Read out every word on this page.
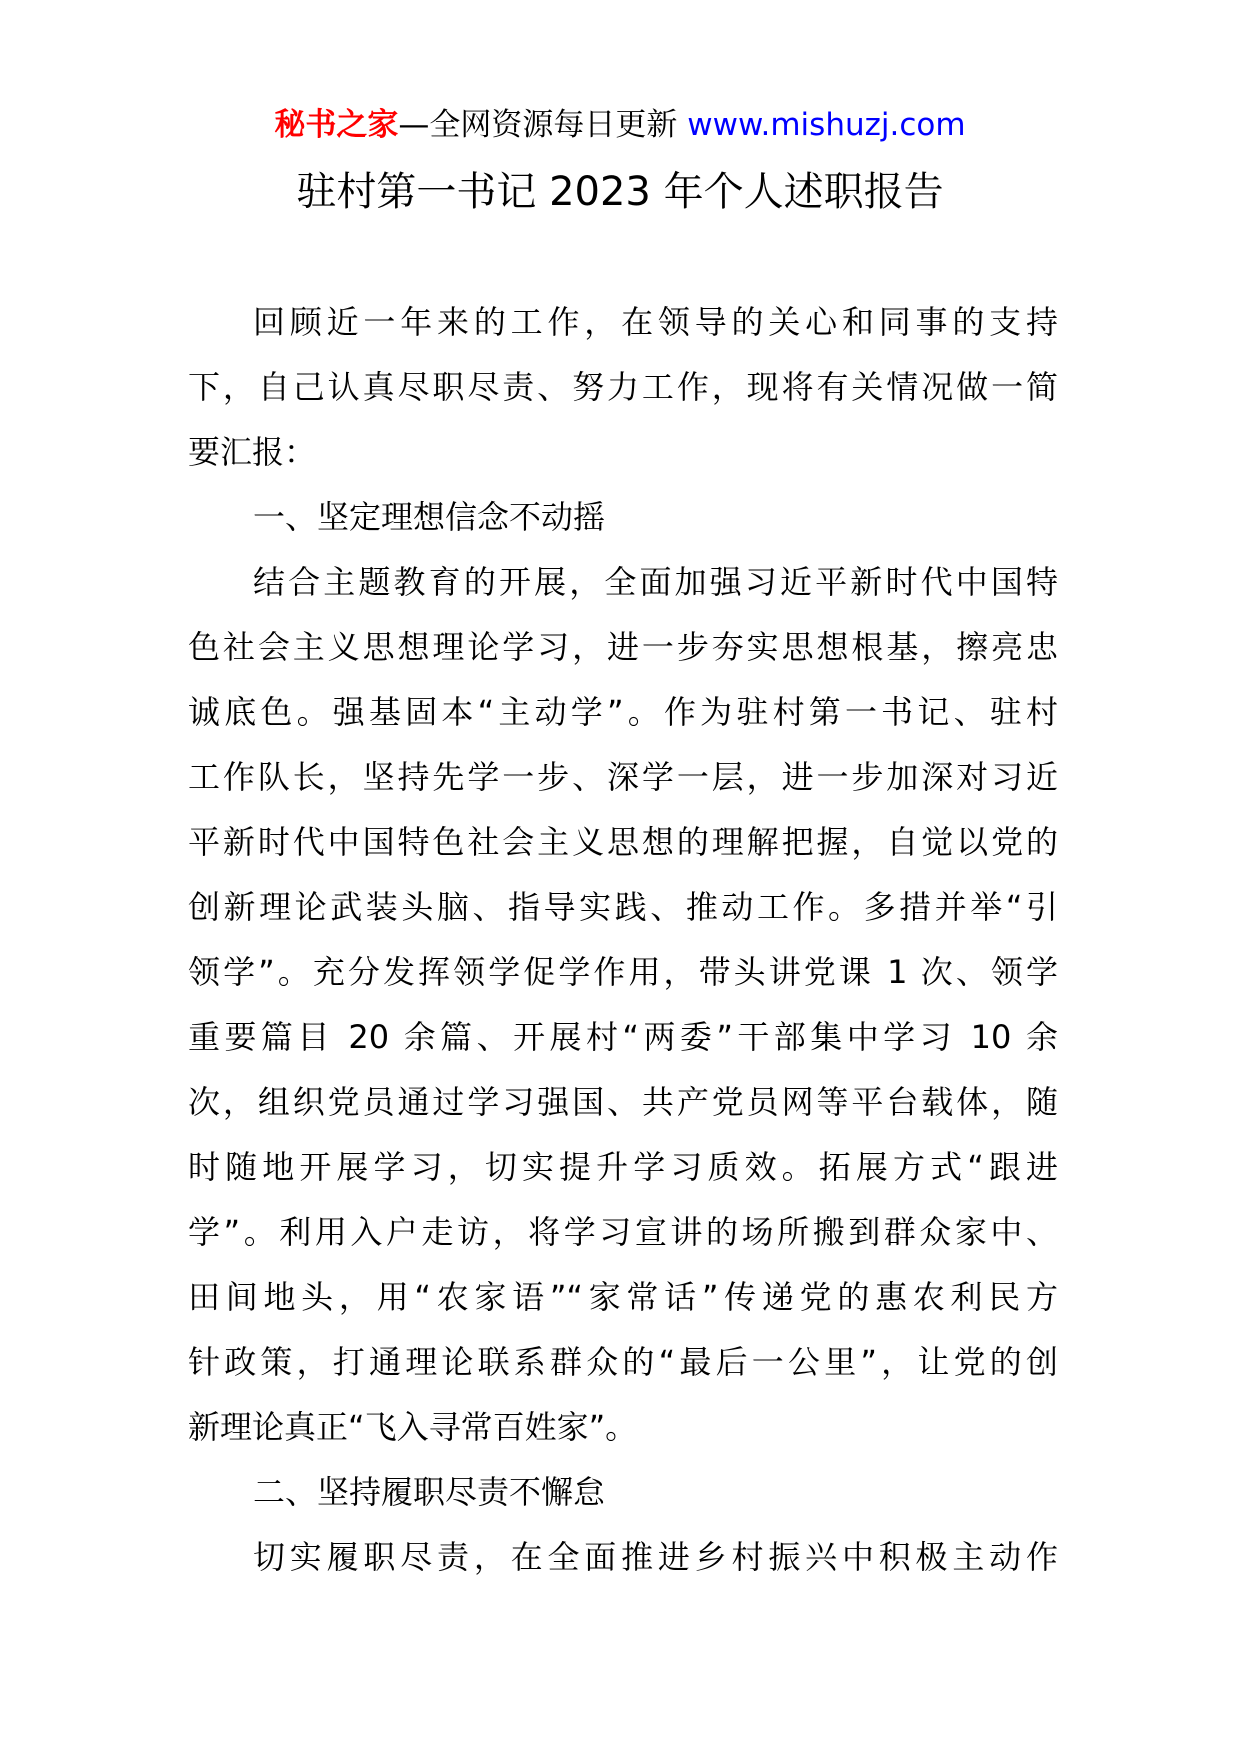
秘书之家—全网资源每日更新 www.mishuzj.com
驻村第一书记 2023 年个人述职报告
回顾近一年来的工作，在领导的关心和同事的支持
下，自己认真尽职尽责、努力工作，现将有关情况做一简
要汇报：
一、坚定理想信念不动摇
结合主题教育的开展，全面加强习近平新时代中国特
色社会主义思想理论学习，进一步夯实思想根基，擦亮忠
诚底色。强基固本“主动学”。作为驻村第一书记、驻村
工作队长，坚持先学一步、深学一层，进一步加深对习近
平新时代中国特色社会主义思想的理解把握，自觉以党的
创新理论武装头脑、指导实践、推动工作。多措并举“引
领学”。充分发挥领学促学作用，带头讲党课 1 次、领学
重要篇目 20 余篇、开展村“两委”干部集中学习 10 余
次，组织党员通过学习强国、共产党员网等平台载体，随
时随地开展学习，切实提升学习质效。拓展方式“跟进
学”。利用入户走访，将学习宣讲的场所搬到群众家中、
田间地头，用“农家语”“家常话”传递党的惠农利民方
针政策，打通理论联系群众的“最后一公里”，让党的创
新理论真正“飞入寻常百姓家”。
二、坚持履职尽责不懈怠
切实履职尽责，在全面推进乡村振兴中积极主动作
